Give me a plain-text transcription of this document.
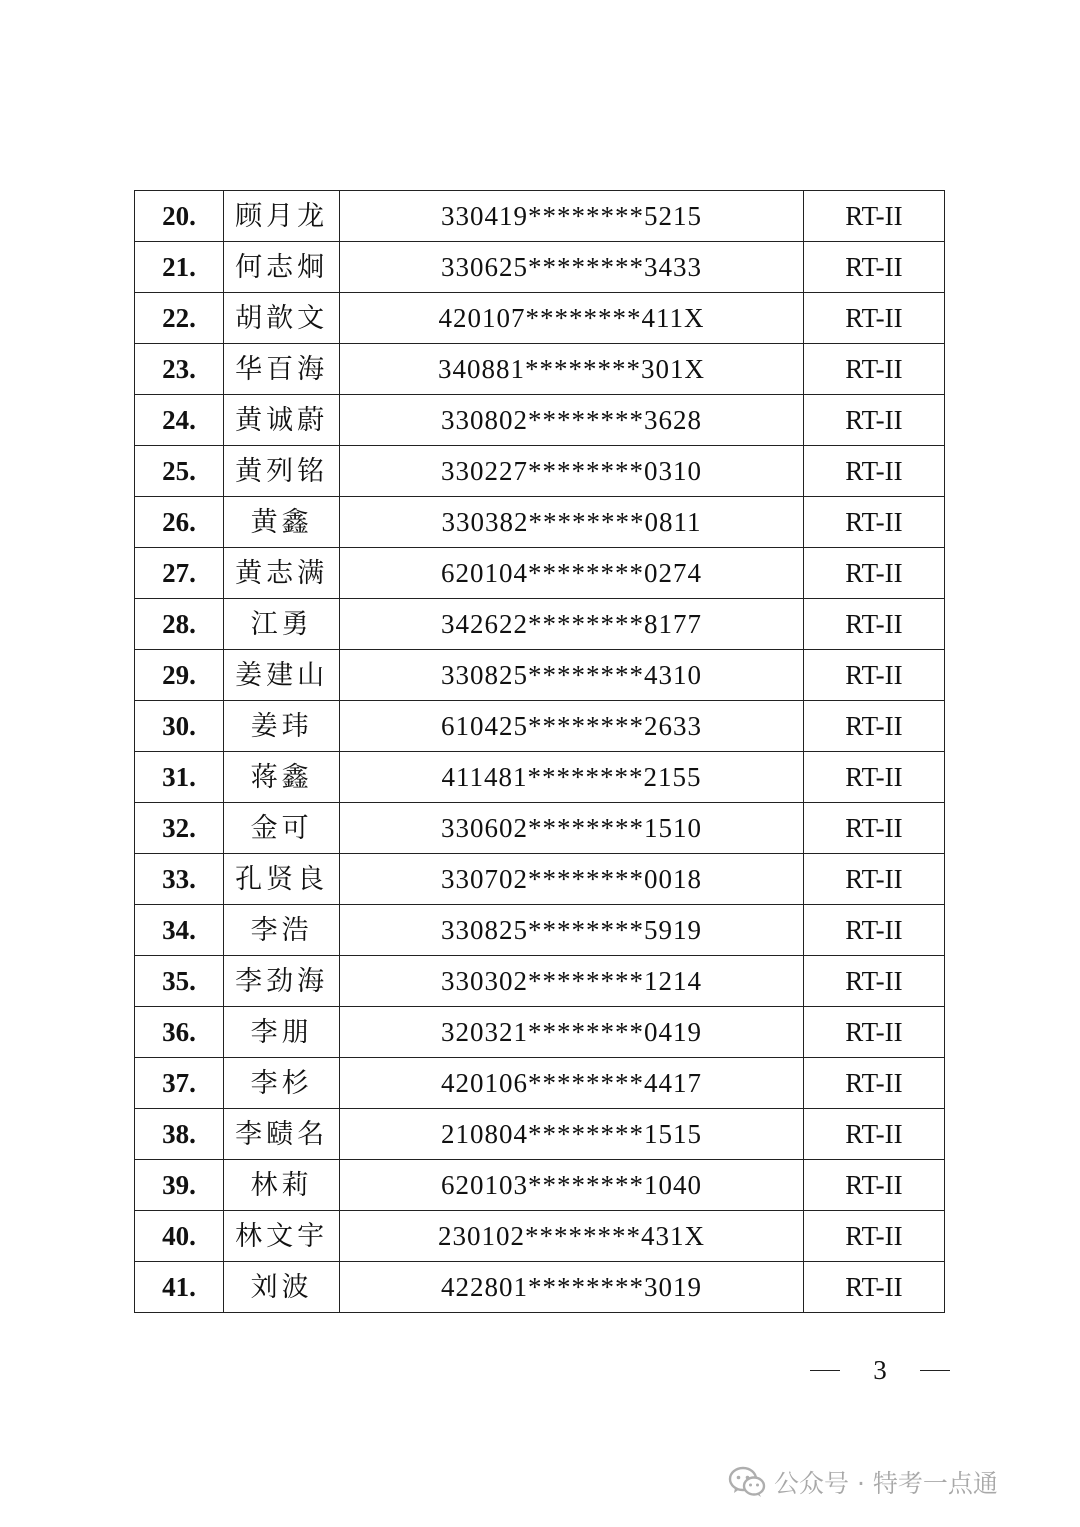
20.	顾月龙	330419********5215	RT-II
21.	何志炯	330625********3433	RT-II
22.	胡歆文	420107********411X	RT-II
23.	华百海	340881********301X	RT-II
24.	黄诚蔚	330802********3628	RT-II
25.	黄列铭	330227********0310	RT-II
26.	黄鑫	330382********0811	RT-II
27.	黄志满	620104********0274	RT-II
28.	江勇	342622********8177	RT-II
29.	姜建山	330825********4310	RT-II
30.	姜玮	610425********2633	RT-II
31.	蒋鑫	411481********2155	RT-II
32.	金可	330602********1510	RT-II
33.	孔贤良	330702********0018	RT-II
34.	李浩	330825********5919	RT-II
35.	李劲海	330302********1214	RT-II
36.	李朋	320321********0419	RT-II
37.	李杉	420106********4417	RT-II
38.	李赜名	210804********1515	RT-II
39.	林莉	620103********1040	RT-II
40.	林文宇	230102********431X	RT-II
41.	刘波	422801********3019	RT-II
3
公众号 · 特考一点通
